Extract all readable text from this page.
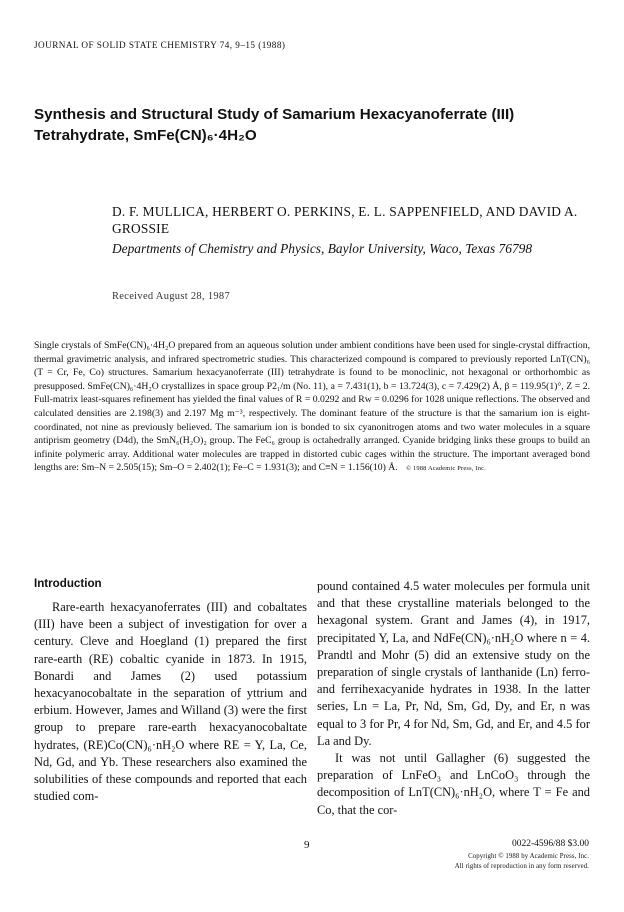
JOURNAL OF SOLID STATE CHEMISTRY 74, 9–15 (1988)
Synthesis and Structural Study of Samarium Hexacyanoferrate (III) Tetrahydrate, SmFe(CN)₆·4H₂O
D. F. MULLICA, HERBERT O. PERKINS, E. L. SAPPENFIELD, AND DAVID A. GROSSIE
Departments of Chemistry and Physics, Baylor University, Waco, Texas 76798
Received August 28, 1987
Single crystals of SmFe(CN)₆·4H₂O prepared from an aqueous solution under ambient conditions have been used for single-crystal diffraction, thermal gravimetric analysis, and infrared spectrometric studies. This characterized compound is compared to previously reported LnT(CN)₆ (T = Cr, Fe, Co) structures. Samarium hexacyanoferrate (III) tetrahydrate is found to be monoclinic, not hexagonal or orthorhombic as presupposed. SmFe(CN)₆·4H₂O crystallizes in space group P2₁/m (No. 11), a = 7.431(1), b = 13.724(3), c = 7.429(2) Å, β = 119.95(1)°, Z = 2. Full-matrix least-squares refinement has yielded the final values of R = 0.0292 and Rw = 0.0296 for 1028 unique reflections. The observed and calculated densities are 2.198(3) and 2.197 Mg m⁻³, respectively. The dominant feature of the structure is that the samarium ion is eight-coordinated, not nine as previously believed. The samarium ion is bonded to six cyanonitrogen atoms and two water molecules in a square antiprism geometry (D4d), the SmN₆(H₂O)₂ group. The FeC₆ group is octahedrally arranged. Cyanide bridging links these groups to build an infinite polymeric array. Additional water molecules are trapped in distorted cubic cages within the structure. The important averaged bond lengths are: Sm–N = 2.505(15); Sm–O = 2.402(1); Fe–C = 1.931(3); and C≡N = 1.156(10) Å. © 1988 Academic Press, Inc.
Introduction

Rare-earth hexacyanoferrates (III) and cobaltates (III) have been a subject of investigation for over a century. Cleve and Hoegland (1) prepared the first rare-earth (RE) cobaltic cyanide in 1873. In 1915, Bonardi and James (2) used potassium hexacyanocobaltate in the separation of yttrium and erbium. However, James and Willand (3) were the first group to prepare rare-earth hexacyanocobaltate hydrates, (RE)Co(CN)₆·nH₂O where RE = Y, La, Ce, Nd, Gd, and Yb. These researchers also examined the solubilities of these compounds and reported that each studied com-

pound contained 4.5 water molecules per formula unit and that these crystalline materials belonged to the hexagonal system. Grant and James (4), in 1917, precipitated Y, La, and NdFe(CN)₆·nH₂O where n = 4. Prandtl and Mohr (5) did an extensive study on the preparation of single crystals of lanthanide (Ln) ferro- and ferrihexacyanide hydrates in 1938. In the latter series, Ln = La, Pr, Nd, Sm, Gd, Dy, and Er, n was equal to 3 for Pr, 4 for Nd, Sm, Gd, and Er, and 4.5 for La and Dy.

It was not until Gallagher (6) suggested the preparation of LnFeO₃ and LnCoO₃ through the decomposition of LnT(CN)₆·nH₂O, where T = Fe and Co, that the cor-

9	0022-4596/88 $3.00
Copyright © 1988 by Academic Press, Inc.
All rights of reproduction in any form reserved.
